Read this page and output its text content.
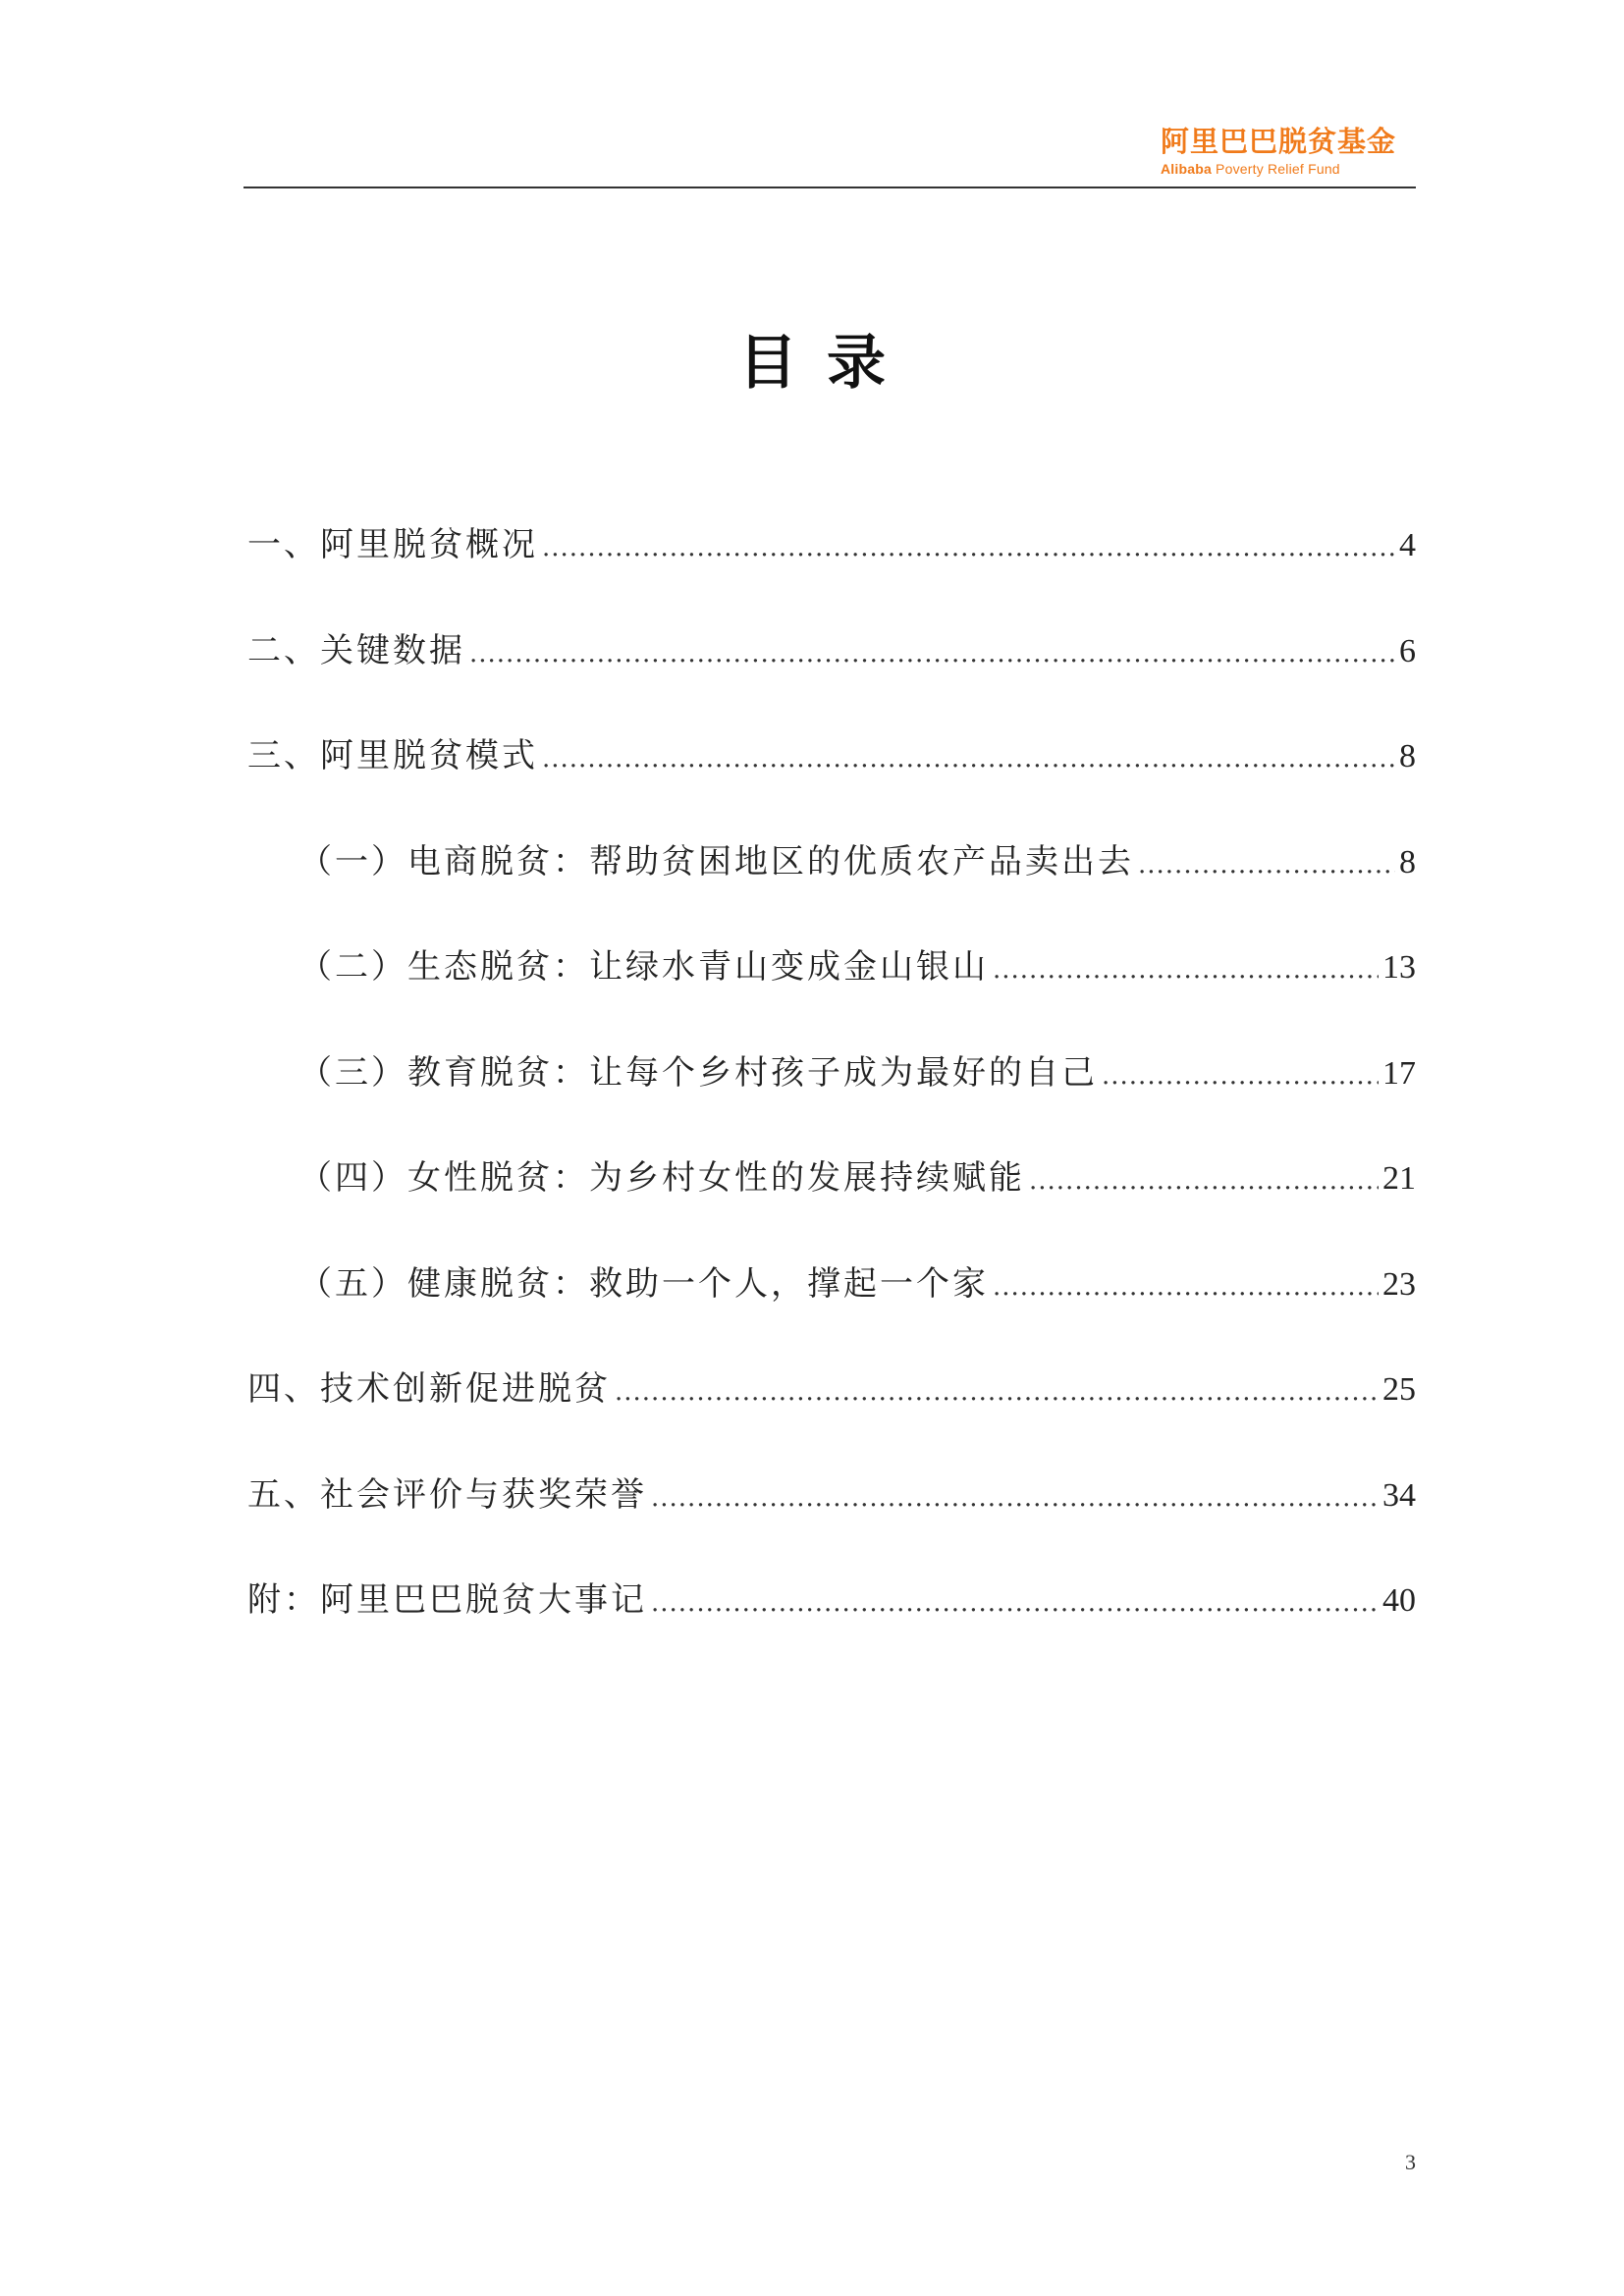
阿里巴巴脱贫基金
Alibaba Poverty Relief Fund
目录
一、阿里脱贫概况 .....	4
二、关键数据 .....	6
三、阿里脱贫模式 .....	8
（一）电商脱贫：帮助贫困地区的优质农产品卖出去 .....	8
（二）生态脱贫：让绿水青山变成金山银山 .....	13
（三）教育脱贫：让每个乡村孩子成为最好的自己 .....	17
（四）女性脱贫：为乡村女性的发展持续赋能 .....	21
（五）健康脱贫：救助一个人，撑起一个家 .....	23
四、技术创新促进脱贫 .....	25
五、社会评价与获奖荣誉 .....	34
附：阿里巴巴脱贫大事记 .....	40
3
